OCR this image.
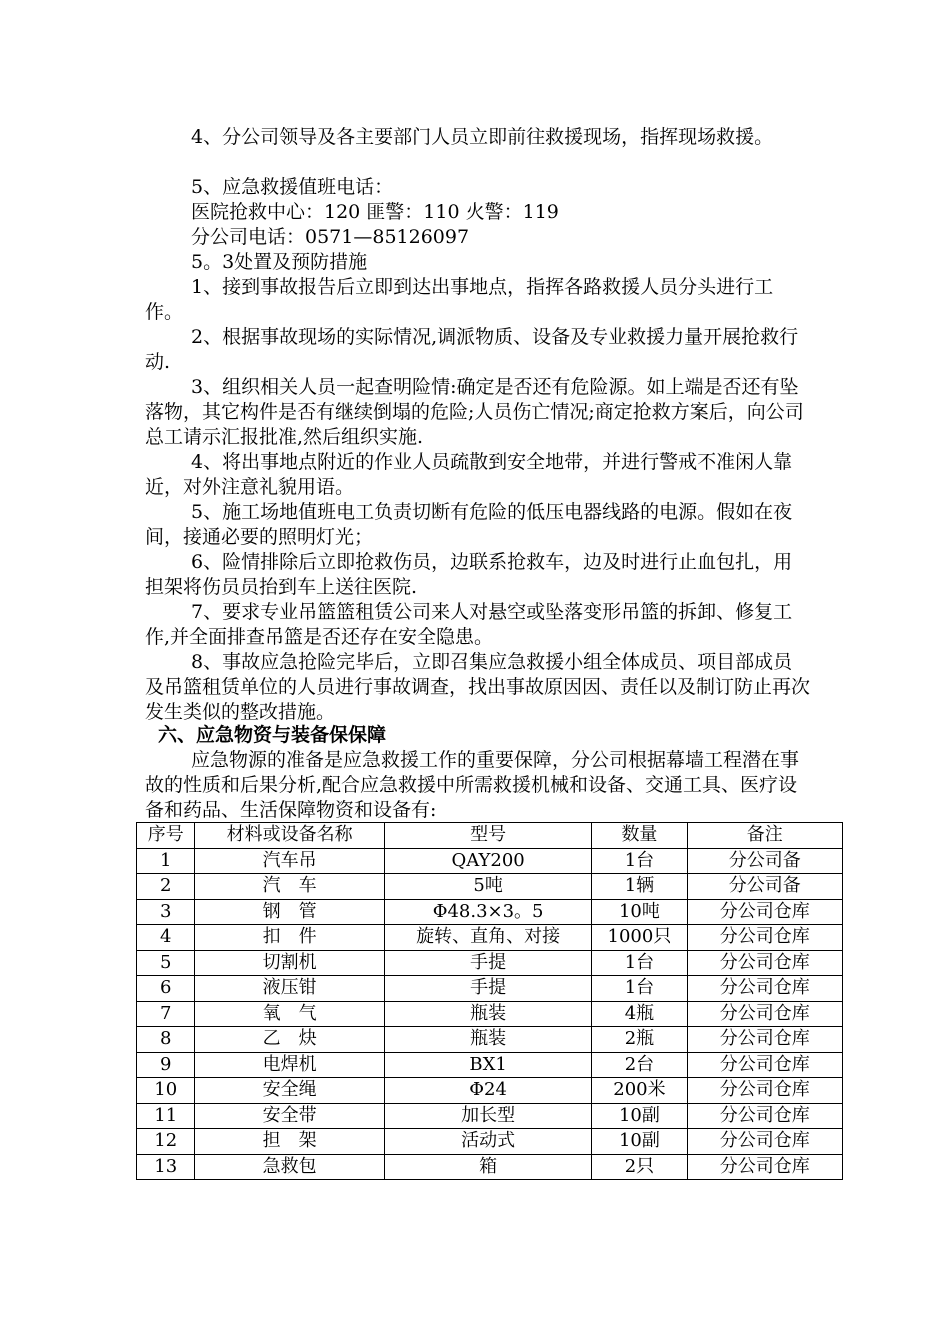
4、分公司领导及各主要部门人员立即前往救援现场，指挥现场救援。

5、应急救援值班电话：

医院抢救中心：120 匪警：110 火警：119

分公司电话：0571—85126097

5。3处置及预防措施

1、接到事故报告后立即到达出事地点，指挥各路救援人员分头进行工作。

2、根据事故现场的实际情况,调派物质、设备及专业救援力量开展抢救行动.

3、组织相关人员一起查明险情:确定是否还有危险源。如上端是否还有坠落物，其它构件是否有继续倒塌的危险;人员伤亡情况;商定抢救方案后，向公司总工请示汇报批准,然后组织实施.

4、将出事地点附近的作业人员疏散到安全地带，并进行警戒不准闲人靠近，对外注意礼貌用语。

5、施工场地值班电工负责切断有危险的低压电器线路的电源。假如在夜间，接通必要的照明灯光；

6、险情排除后立即抢救伤员，边联系抢救车，边及时进行止血包扎，用担架将伤员员抬到车上送往医院.

7、要求专业吊篮篮租赁公司来人对悬空或坠落变形吊篮的拆卸、修复工作,并全面排查吊篮是否还存在安全隐患。

8、事故应急抢险完毕后，立即召集应急救援小组全体成员、项目部成员及吊篮租赁单位的人员进行事故调查，找出事故原因因、责任以及制订防止再次发生类似的整改措施。

六、应急物资与装备保保障

应急物源的准备是应急救援工作的重要保障，分公司根据幕墙工程潜在事故的性质和后果分析,配合应急救援中所需救援机械和设备、交通工具、医疗设备和药品、生活保障物资和设备有:

序号	材料或设备名称	型号	数量	备注
1	汽车吊	QAY200	1台	分公司备
2	汽　车	5吨	1辆	分公司备
3	钢　管	Φ48.3×3。5	10吨	分公司仓库
4	扣　件	旋转、直角、对接	1000只	分公司仓库
5	切割机	手提	1台	分公司仓库
6	液压钳	手提	1台	分公司仓库
7	氧　气	瓶装	4瓶	分公司仓库
8	乙　炔	瓶装	2瓶	分公司仓库
9	电焊机	BX1	2台	分公司仓库
10	安全绳	Φ24	200米	分公司仓库
11	安全带	加长型	10副	分公司仓库
12	担　架	活动式	10副	分公司仓库
13	急救包	箱	2只	分公司仓库
